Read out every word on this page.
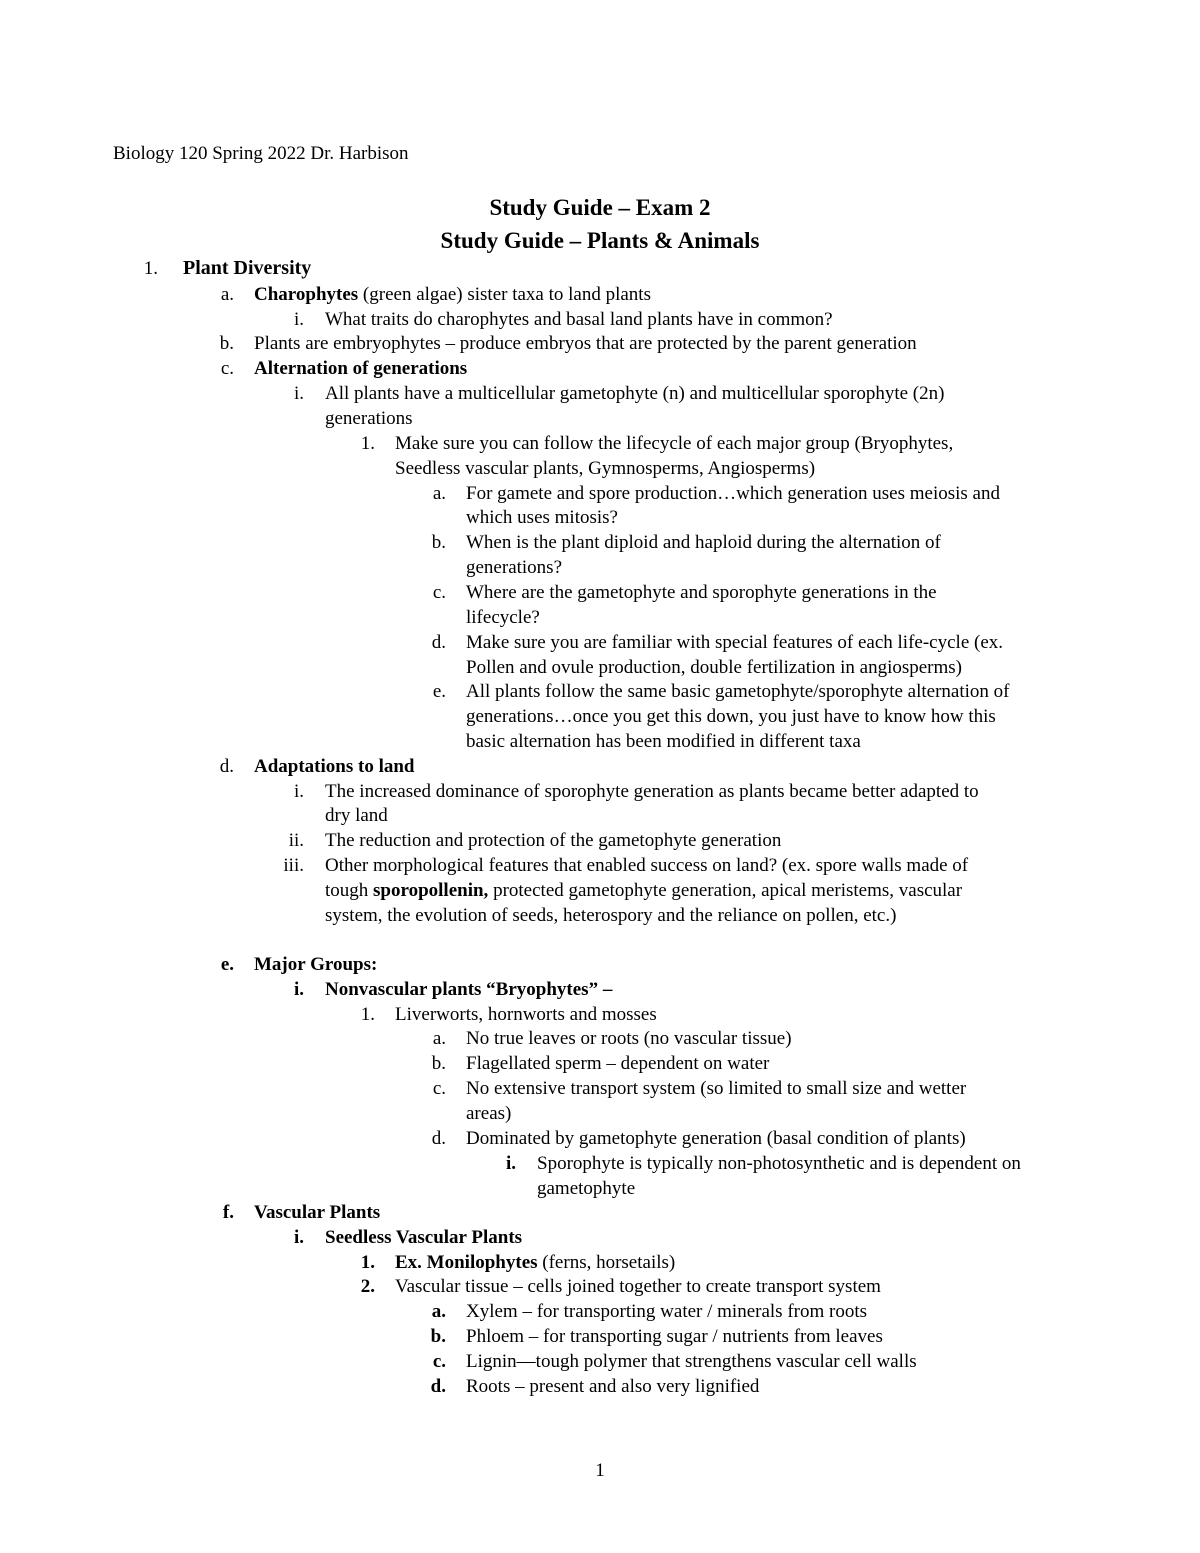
Biology 120 Spring 2022 Dr. Harbison
Study Guide – Exam 2
Study Guide – Plants & Animals
1. Plant Diversity
a. Charophytes (green algae) sister taxa to land plants
i. What traits do charophytes and basal land plants have in common?
b. Plants are embryophytes – produce embryos that are protected by the parent generation
c. Alternation of generations
i. All plants have a multicellular gametophyte (n) and multicellular sporophyte (2n)
generations
1. Make sure you can follow the lifecycle of each major group (Bryophytes,
Seedless vascular plants, Gymnosperms, Angiosperms)
a. For gamete and spore production…which generation uses meiosis and
which uses mitosis?
b. When is the plant diploid and haploid during the alternation of
generations?
c. Where are the gametophyte and sporophyte generations in the
lifecycle?
d. Make sure you are familiar with special features of each life-cycle (ex.
Pollen and ovule production, double fertilization in angiosperms)
e. All plants follow the same basic gametophyte/sporophyte alternation of
generations…once you get this down, you just have to know how this
basic alternation has been modified in different taxa
d. Adaptations to land
i. The increased dominance of sporophyte generation as plants became better adapted to
dry land
ii. The reduction and protection of the gametophyte generation
iii. Other morphological features that enabled success on land? (ex. spore walls made of
tough sporopollenin, protected gametophyte generation, apical meristems, vascular
system, the evolution of seeds, heterospory and the reliance on pollen, etc.)
e. Major Groups:
i. Nonvascular plants “Bryophytes” –
1. Liverworts, hornworts and mosses
a. No true leaves or roots (no vascular tissue)
b. Flagellated sperm – dependent on water
c. No extensive transport system (so limited to small size and wetter
areas)
d. Dominated by gametophyte generation (basal condition of plants)
i. Sporophyte is typically non-photosynthetic and is dependent on
gametophyte
f. Vascular Plants
i. Seedless Vascular Plants
1. Ex. Monilophytes (ferns, horsetails)
2. Vascular tissue – cells joined together to create transport system
a. Xylem – for transporting water / minerals from roots
b. Phloem – for transporting sugar / nutrients from leaves
c. Lignin—tough polymer that strengthens vascular cell walls
d. Roots – present and also very lignified
1
